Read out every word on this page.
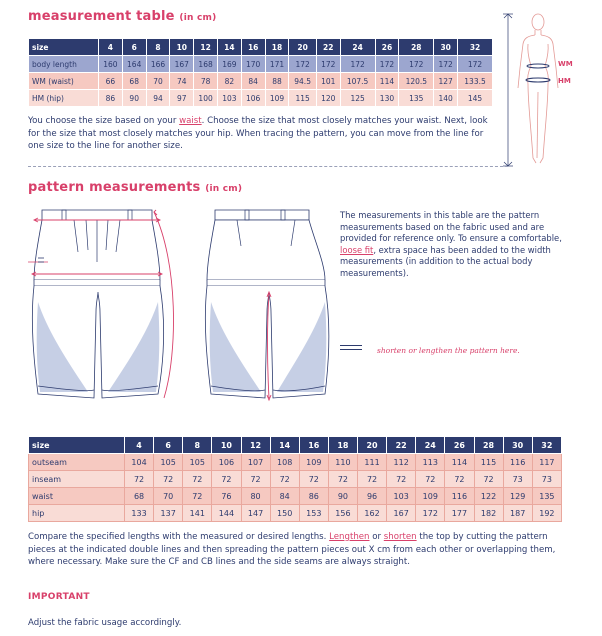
measurement table (in cm)
size	4	6	8	10	12	14	16	18	20	22	24	26	28	30	32
body length	160	164	166	167	168	169	170	171	172	172	172	172	172	172	172
WM (waist)	66	68	70	74	78	82	84	88	94.5	101	107.5	114	120.5	127	133.5
HM (hip)	86	90	94	97	100	103	106	109	115	120	125	130	135	140	145
You choose the size based on your waist. Choose the size that most closely matches your waist. Next, look for the size that most closely matches your hip. When tracing the pattern, you can move from the line for one size to the line for another size.
WM
HM
pattern measurements (in cm)
The measurements in this table are the pattern measurements based on the fabric used and are provided for reference only. To ensure a comfortable, loose fit, extra space has been added to the width measurements (in addition to the actual body measurements).
shorten or lengthen the pattern here.
size	4	6	8	10	12	14	16	18	20	22	24	26	28	30	32
outseam	104	105	105	106	107	108	109	110	111	112	113	114	115	116	117
inseam	72	72	72	72	72	72	72	72	72	72	72	72	72	73	73
waist	68	70	72	76	80	84	86	90	96	103	109	116	122	129	135
hip	133	137	141	144	147	150	153	156	162	167	172	177	182	187	192
Compare the specified lengths with the measured or desired lengths. Lengthen or shorten the top by cutting the pattern pieces at the indicated double lines and then spreading the pattern pieces out X cm from each other or overlapping them, where necessary. Make sure the CF and CB lines and the side seams are always straight.
IMPORTANT
Adjust the fabric usage accordingly.
